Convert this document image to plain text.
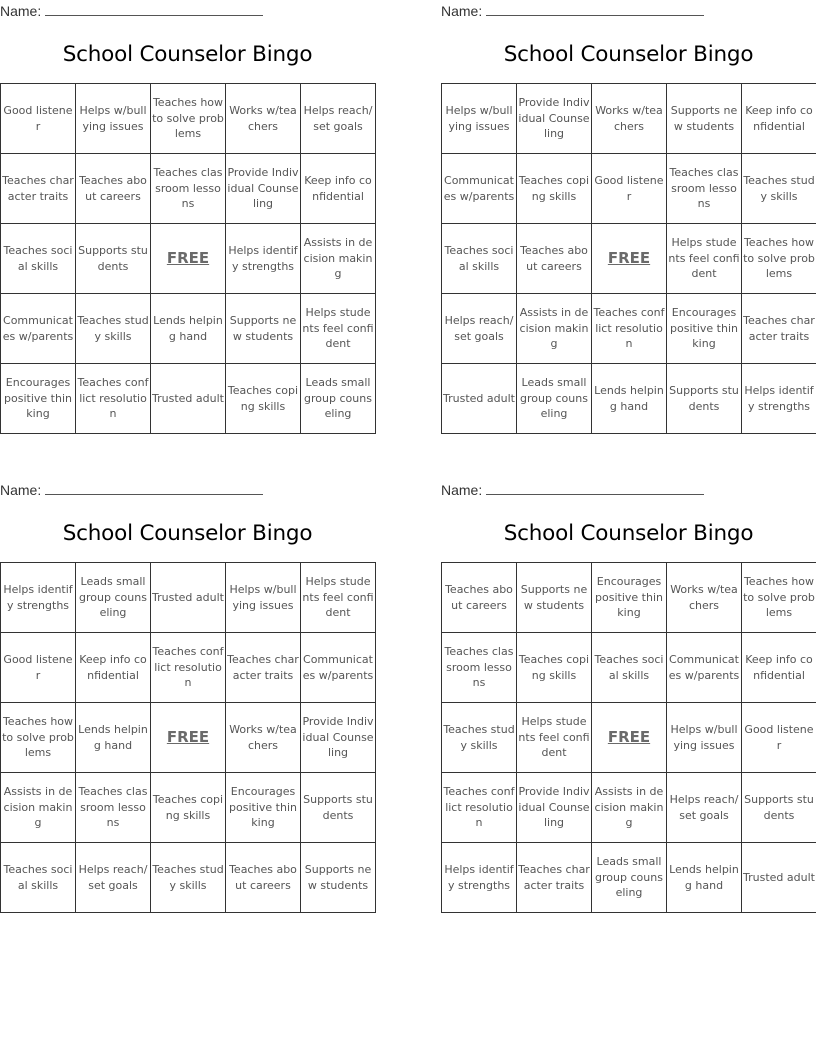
Name:
School Counselor Bingo
Good listener	Helps w/bullying issues	Teaches how to solve problems	Works w/teachers	Helps reach/set goals
Teaches character traits	Teaches about careers	Teaches classroom lessons	Provide Individual Counseling	Keep info confidential
Teaches social skills	Supports students	FREE	Helps identify strengths	Assists in decision making
Communicates w/parents	Teaches study skills	Lends helping hand	Supports new students	Helps students feel confident
Encourages positive thinking	Teaches conflict resolution	Trusted adult	Teaches coping skills	Leads small group counseling
Name:
School Counselor Bingo
Helps w/bullying issues	Provide Individual Counseling	Works w/teachers	Supports new students	Keep info confidential
Communicates w/parents	Teaches coping skills	Good listener	Teaches classroom lessons	Teaches study skills
Teaches social skills	Teaches about careers	FREE	Helps students feel confident	Teaches how to solve problems
Helps reach/set goals	Assists in decision making	Teaches conflict resolution	Encourages positive thinking	Teaches character traits
Trusted adult	Leads small group counseling	Lends helping hand	Supports students	Helps identify strengths
Name:
School Counselor Bingo
Helps identify strengths	Leads small group counseling	Trusted adult	Helps w/bullying issues	Helps students feel confident
Good listener	Keep info confidential	Teaches conflict resolution	Teaches character traits	Communicates w/parents
Teaches how to solve problems	Lends helping hand	FREE	Works w/teachers	Provide Individual Counseling
Assists in decision making	Teaches classroom lessons	Teaches coping skills	Encourages positive thinking	Supports students
Teaches social skills	Helps reach/set goals	Teaches study skills	Teaches about careers	Supports new students
Name:
School Counselor Bingo
Teaches about careers	Supports new students	Encourages positive thinking	Works w/teachers	Teaches how to solve problems
Teaches classroom lessons	Teaches coping skills	Teaches social skills	Communicates w/parents	Keep info confidential
Teaches study skills	Helps students feel confident	FREE	Helps w/bullying issues	Good listener
Teaches conflict resolution	Provide Individual Counseling	Assists in decision making	Helps reach/set goals	Supports students
Helps identify strengths	Teaches character traits	Leads small group counseling	Lends helping hand	Trusted adult
